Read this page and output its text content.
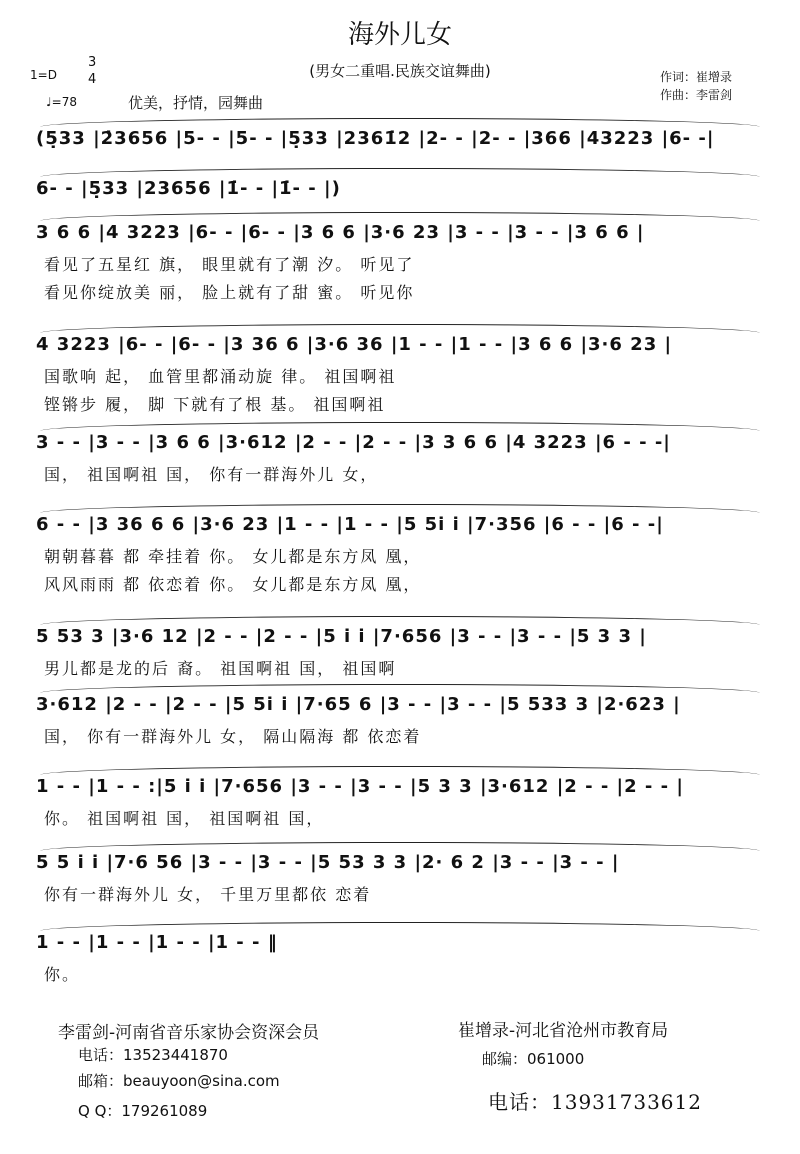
海外儿女
(男女二重唱.民族交谊舞曲)
1=D
3
4
♩=78	优美，抒情，园舞曲
作词：崔增录
作曲：李雷剑
(5̣33 |2̇3656 |5‑ ‑ |5‑ ‑ |5̣33 |2361̇2 |2‑ ‑ |2‑ ‑ |366 |43223 |6‑ ‑|
6‑ ‑ |5̣33 |23656 |1̇‑ ‑ |1̇‑ ‑ |)
3 6 6 |4 3223 |6‑ ‑ |6‑ ‑ |3 6 6 |3·6 23 |3 ‑ ‑ |3 ‑ ‑ |3 6 6 |
看见了五星红 旗， 眼里就有了潮 汐。 听见了
看见你绽放美 丽， 脸上就有了甜 蜜。 听见你
4 3223 |6‑ ‑ |6‑ ‑ |3 36 6 |3·6 36 |1 ‑ ‑ |1 ‑ ‑ |3 6 6 |3·6 23 |
国歌响 起， 血管里都涌动旋 律。 祖国啊祖
铿锵步 履， 脚 下就有了根 基。 祖国啊祖
3 ‑ ‑ |3 ‑ ‑ |3 6 6 |3·612 |2 ‑ ‑ |2 ‑ ‑ |3 3 6 6 |4 3223 |6 ‑ ‑ ‑|
国， 祖国啊祖 国， 你有一群海外儿 女，
6 ‑ ‑ |3 36 6 6 |3·6 23 |1 ‑ ‑ |1 ‑ ‑ |5 5i i |7·356 |6 ‑ ‑ |6 ‑ ‑|
朝朝暮暮 都 牵挂着 你。 女儿都是东方凤 凰，
风风雨雨 都 依恋着 你。 女儿都是东方凤 凰，
5 53 3 |3·6 12 |2 ‑ ‑ |2 ‑ ‑ |5 i i |7·656 |3 ‑ ‑ |3 ‑ ‑ |5 3 3 |
男儿都是龙的后 裔。 祖国啊祖 国， 祖国啊
3·612 |2 ‑ ‑ |2 ‑ ‑ |5 5i i |7·65 6 |3 ‑ ‑ |3 ‑ ‑ |5 533 3 |2·623 |
国， 你有一群海外儿 女， 隔山隔海 都 依恋着
1 ‑ ‑ |1 ‑ ‑ :|5 i i |7·656 |3 ‑ ‑ |3 ‑ ‑ |5 3 3 |3·612 |2 ‑ ‑ |2 ‑ ‑ |
你。 祖国啊祖 国， 祖国啊祖 国，
5 5 i i |7·6 56 |3 ‑ ‑ |3 ‑ ‑ |5 53 3 3 |2· 6 2 |3 ‑ ‑ |3 ‑ ‑ |
你有一群海外儿 女， 千里万里都依 恋着
1 ‑ ‑ |1 ‑ ‑ |1 ‑ ‑ |1 ‑ ‑ ‖
你。
李雷剑-河南省音乐家协会资深会员
电话：13523441870
邮箱：beauyoon@sina.com
Q Q：179261089
崔增录-河北省沧州市教育局
邮编：061000
电话：13931733612
